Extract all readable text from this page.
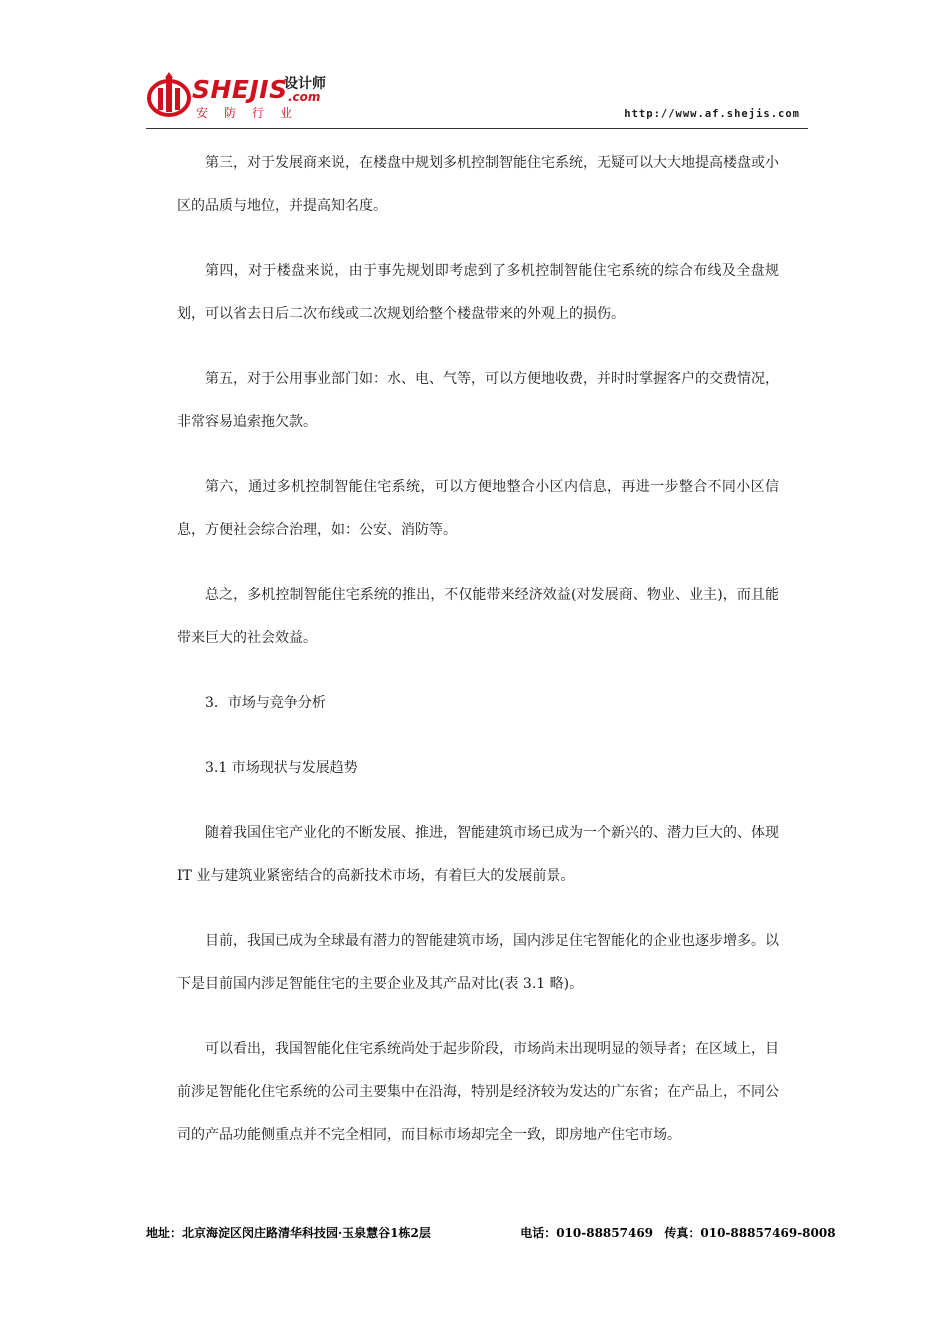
SHEJIS
设计师
.com
安防行业	http://www.af.shejis.com

第三，对于发展商来说，在楼盘中规划多机控制智能住宅系统，无疑可以大大地提高楼盘或小区的品质与地位，并提高知名度。

第四，对于楼盘来说，由于事先规划即考虑到了多机控制智能住宅系统的综合布线及全盘规划，可以省去日后二次布线或二次规划给整个楼盘带来的外观上的损伤。

第五，对于公用事业部门如：水、电、气等，可以方便地收费，并时时掌握客户的交费情况，非常容易追索拖欠款。

第六，通过多机控制智能住宅系统，可以方便地整合小区内信息，再进一步整合不同小区信息，方便社会综合治理，如：公安、消防等。

总之，多机控制智能住宅系统的推出，不仅能带来经济效益(对发展商、物业、业主)，而且能带来巨大的社会效益。

3．市场与竞争分析

3.1 市场现状与发展趋势

随着我国住宅产业化的不断发展、推进，智能建筑市场已成为一个新兴的、潜力巨大的、体现 IT 业与建筑业紧密结合的高新技术市场，有着巨大的发展前景。

目前，我国已成为全球最有潜力的智能建筑市场，国内涉足住宅智能化的企业也逐步增多。以下是目前国内涉足智能住宅的主要企业及其产品对比(表 3.1 略)。

可以看出，我国智能化住宅系统尚处于起步阶段，市场尚未出现明显的领导者；在区域上，目前涉足智能化住宅系统的公司主要集中在沿海，特别是经济较为发达的广东省；在产品上，不同公司的产品功能侧重点并不完全相同，而目标市场却完全一致，即房地产住宅市场。

地址：北京海淀区闵庄路清华科技园·玉泉慧谷1栋2层	电话：010-88857469 传真：010-88857469-8008
